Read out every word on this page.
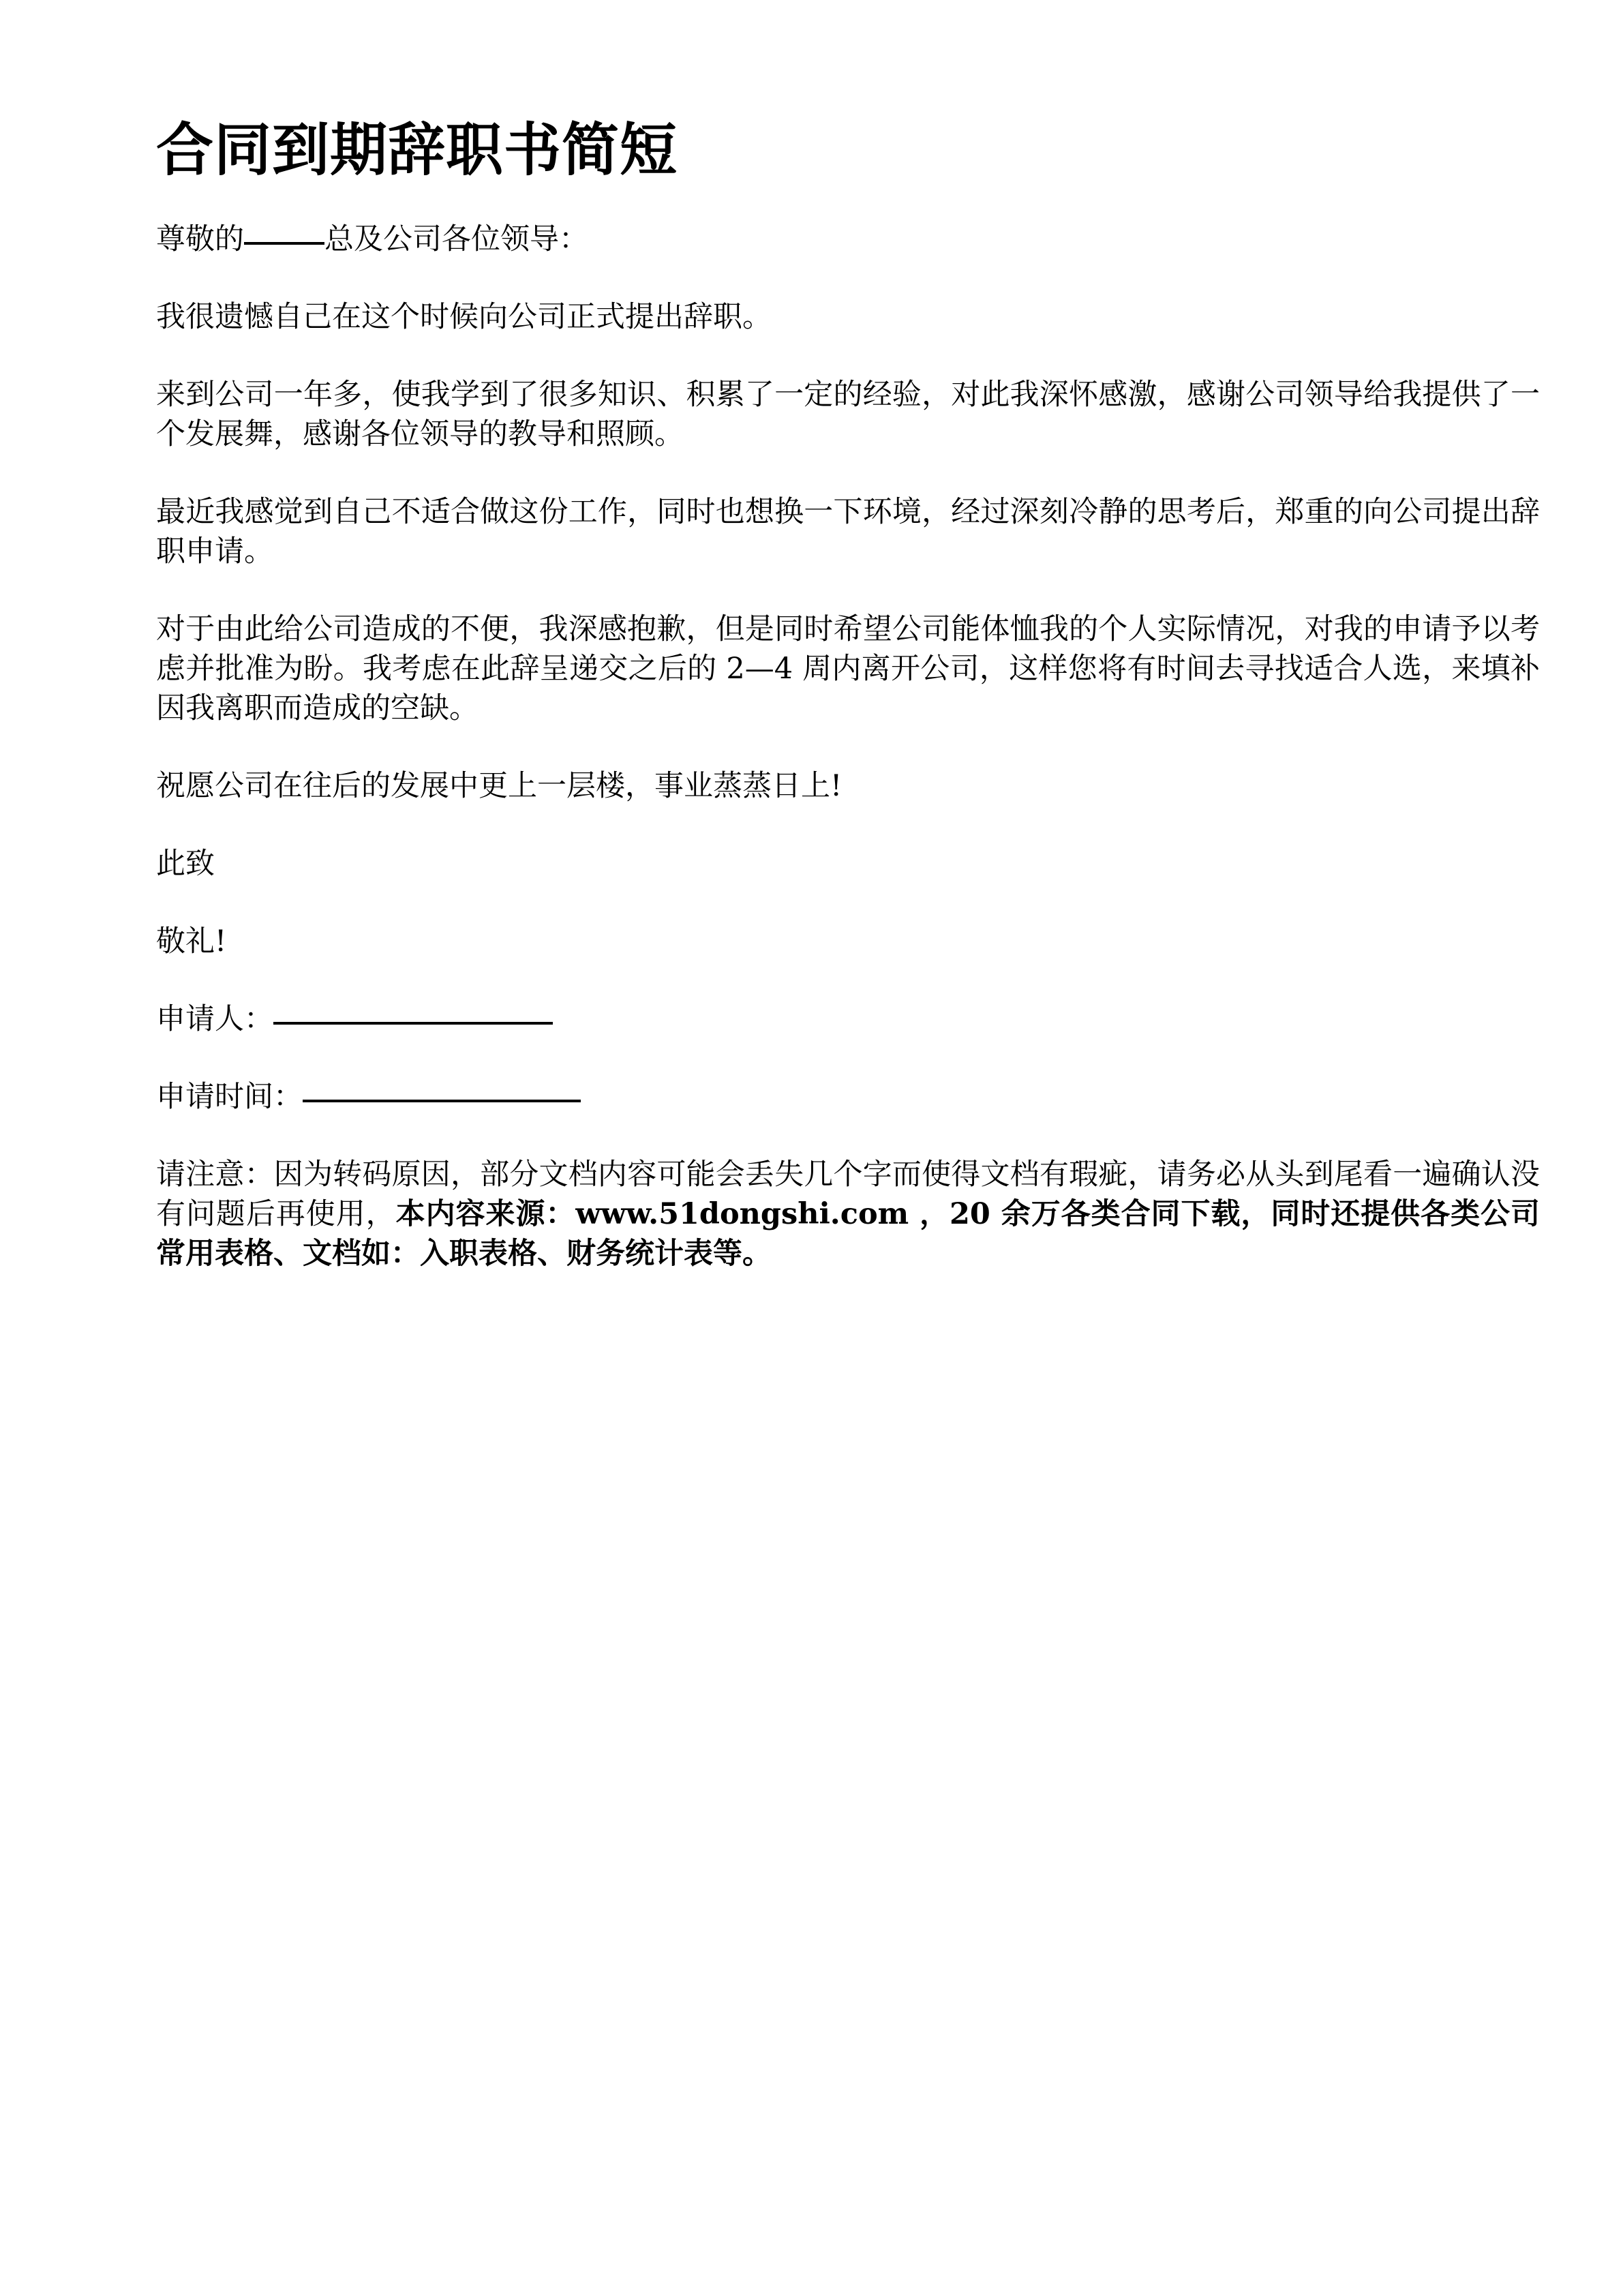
合同到期辞职书简短
尊敬的	总及公司各位领导：
我很遗憾自己在这个时候向公司正式提出辞职。
来到公司一年多，使我学到了很多知识、积累了一定的经验，对此我深怀感激，感谢公司领导给我提供了一个发展舞，感谢各位领导的教导和照顾。
最近我感觉到自己不适合做这份工作，同时也想换一下环境，经过深刻冷静的思考后，郑重的向公司提出辞职申请。
对于由此给公司造成的不便，我深感抱歉，但是同时希望公司能体恤我的个人实际情况，对我的申请予以考虑并批准为盼。我考虑在此辞呈递交之后的 2—4 周内离开公司，这样您将有时间去寻找适合人选，来填补因我离职而造成的空缺。
祝愿公司在往后的发展中更上一层楼，事业蒸蒸日上!
此致
敬礼!
申请人：
申请时间：
请注意：因为转码原因，部分文档内容可能会丢失几个字而使得文档有瑕疵，请务必从头到尾看一遍确认没有问题后再使用，本内容来源：www.51dongshi.com ，20 余万各类合同下载，同时还提供各类公司常用表格、文档如：入职表格、财务统计表等。
